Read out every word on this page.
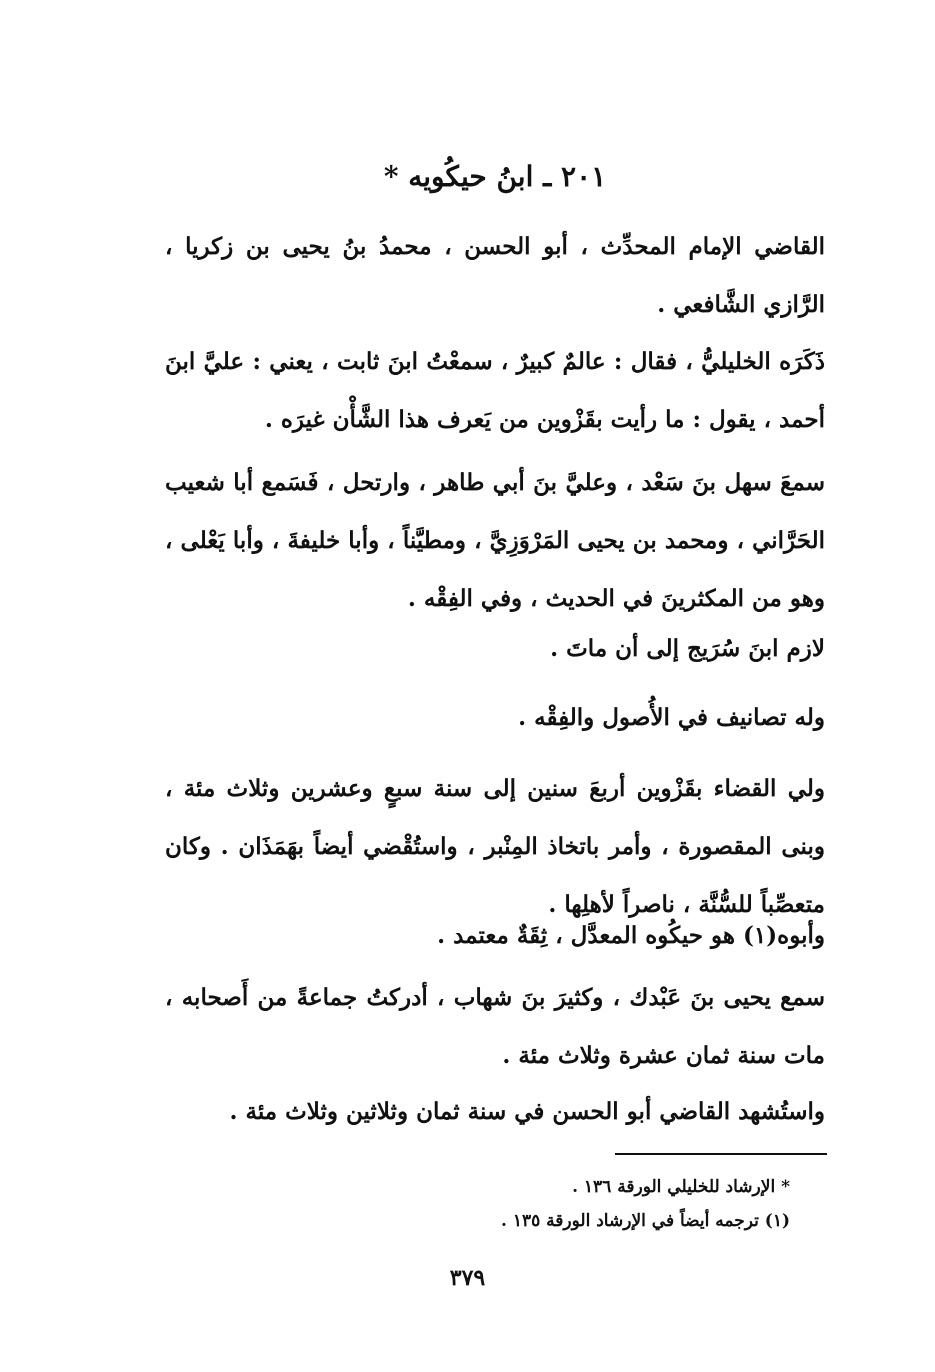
٢٠١ ـ ابنُ حيكُويه *

القاضي الإمام المحدِّث ، أبو الحسن ، محمدُ بنُ يحيى بن زكريا ، الرَّازي الشَّافعي .

ذَكَرَه الخليليُّ ، فقال : عالمٌ كبيرٌ ، سمعْتُ ابنَ ثابت ، يعني : عليَّ ابنَ أحمد ، يقول : ما رأيت بقَزْوين من يَعرف هذا الشَّأْن غيرَه .

سمعَ سهل بنَ سَعْد ، وعليَّ بنَ أبي طاهر ، وارتحل ، فَسَمع أبا شعيب الحَرَّاني ، ومحمد بن يحيى المَرْوَزِيَّ ، ومطيَّناً ، وأبا خليفةَ ، وأبا يَعْلى ، وهو من المكثرينَ في الحديث ، وفي الفِقْه .

لازم ابنَ سُرَيج إلى أن ماتَ .

وله تصانيف في الأُصول والفِقْه .

ولي القضاء بقَزْوين أربعَ سنين إلى سنة سبعٍ وعشرين وثلاث مئة ، وبنى المقصورة ، وأمر باتخاذ المِنْبر ، واستُقْضي أيضاً بهَمَذَان . وكان متعصِّباً للسُّنَّة ، ناصراً لأهلِها .

وأبوه(١) هو حيكُوه المعدَّل ، ثِقَةٌ معتمد .

سمع يحيى بنَ عَبْدك ، وكثيرَ بنَ شهاب ، أدركتُ جماعةً من أَصحابه ، مات سنة ثمان عشرة وثلاث مئة .

واستُشهد القاضي أبو الحسن في سنة ثمان وثلاثين وثلاث مئة .

* الإرشاد للخليلي الورقة ١٣٦ .
(١) ترجمه أيضاً في الإرشاد الورقة ١٣٥ .
٣٧٩
